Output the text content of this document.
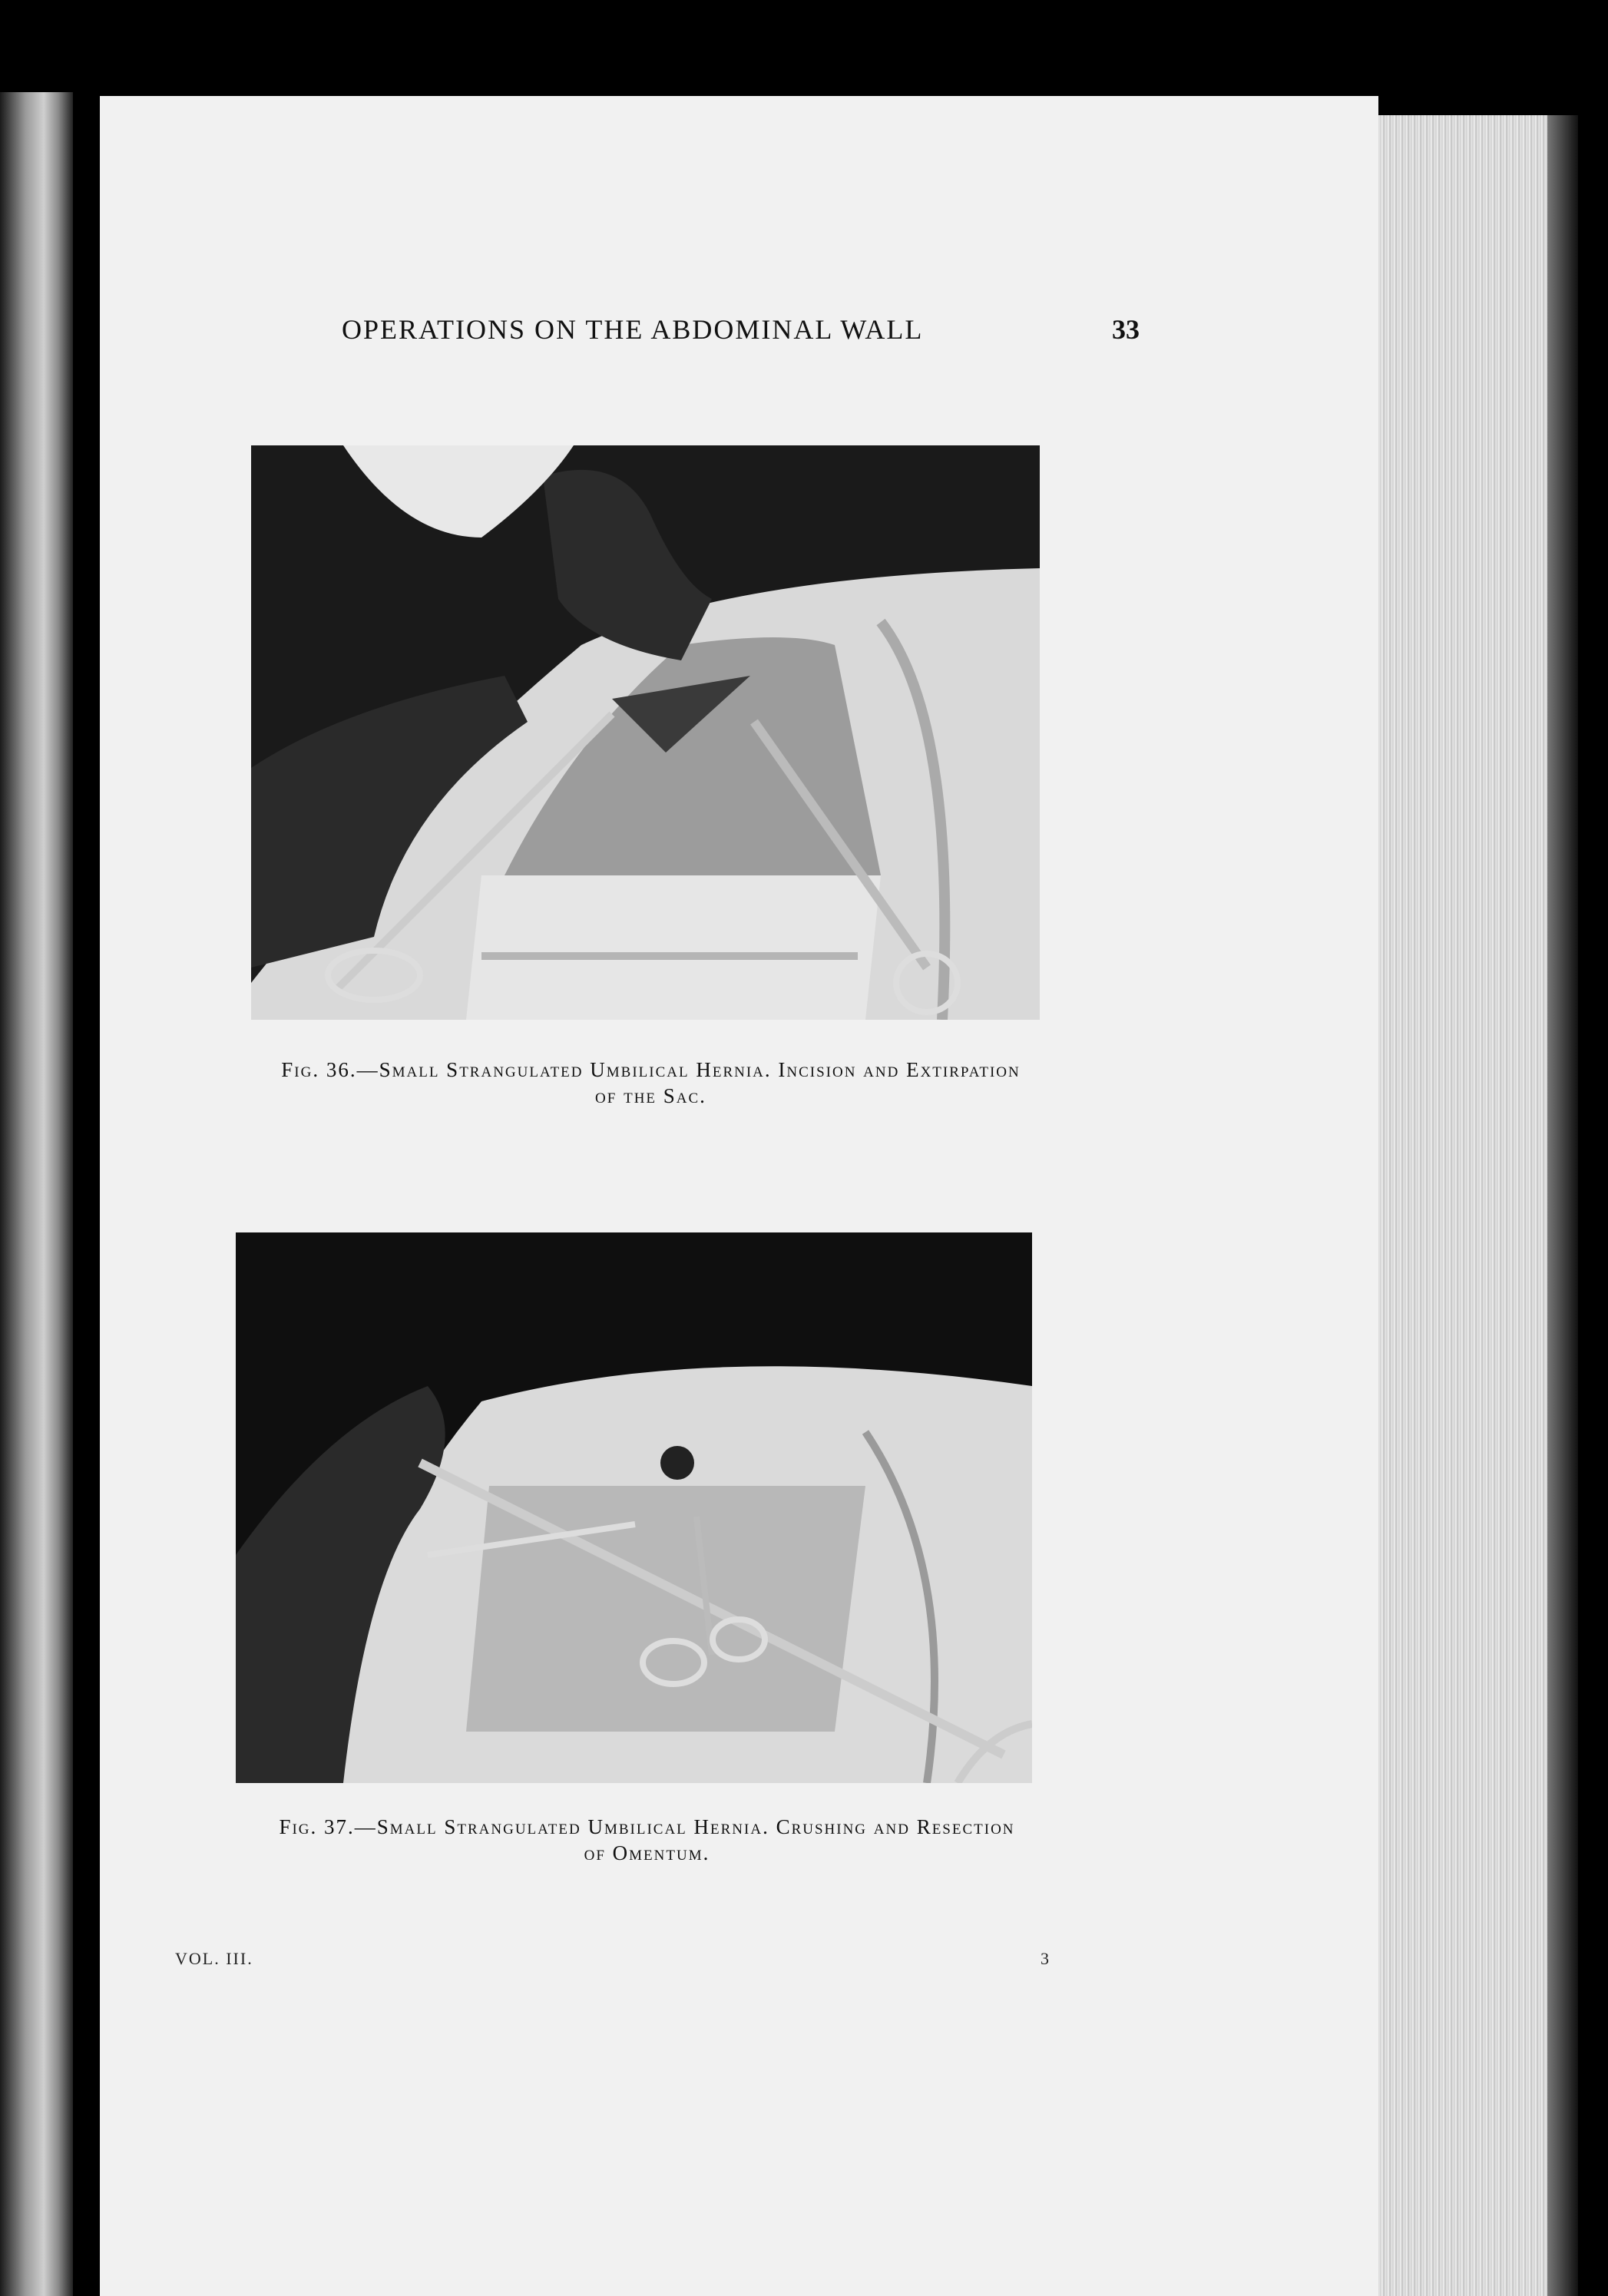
OPERATIONS ON THE ABDOMINAL WALL	33
Fig. 36.—Small Strangulated Umbilical Hernia. Incision and Extirpation
of the Sac.
Fig. 37.—Small Strangulated Umbilical Hernia. Crushing and Resection
of Omentum.
VOL. III.	3
